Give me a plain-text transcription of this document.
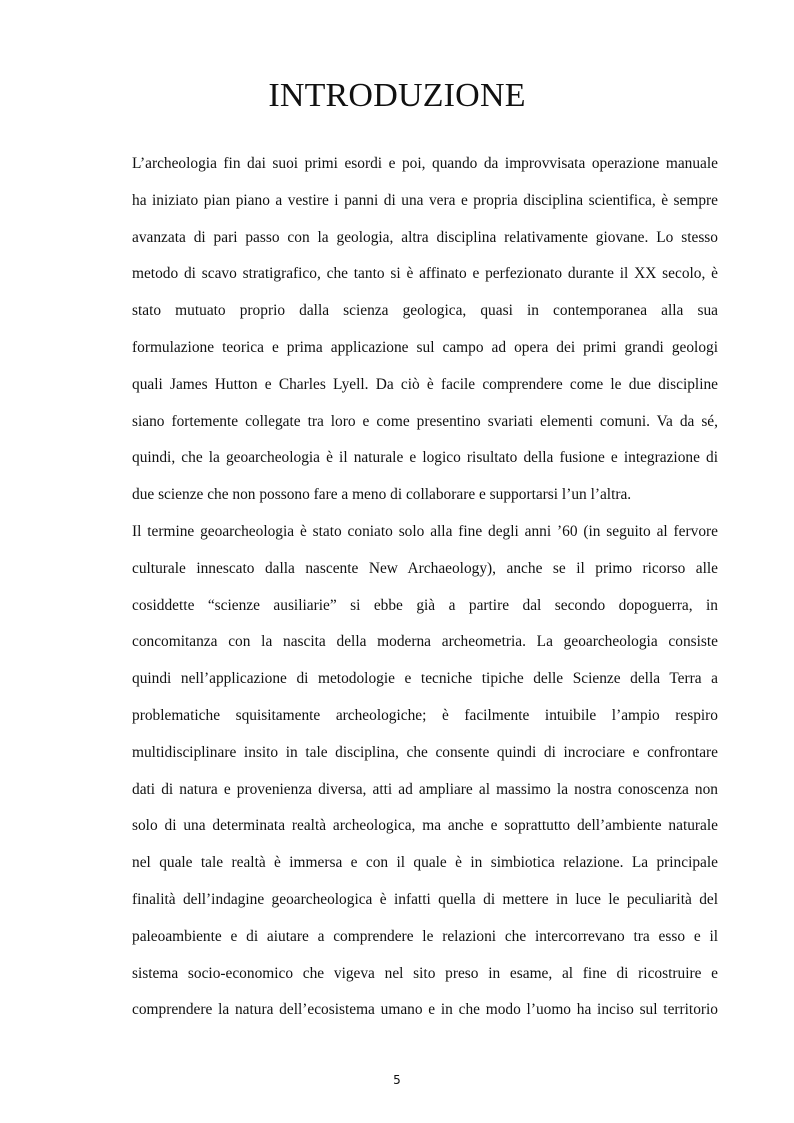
INTRODUZIONE
L’archeologia fin dai suoi primi esordi e poi, quando da improvvisata operazione manuale
ha iniziato pian piano a vestire i panni di una vera e propria disciplina scientifica, è sempre
avanzata di pari passo con la geologia, altra disciplina relativamente giovane. Lo stesso
metodo di scavo stratigrafico, che tanto si è affinato e perfezionato durante il XX secolo, è
stato mutuato proprio dalla scienza geologica, quasi in contemporanea alla sua
formulazione teorica e prima applicazione sul campo ad opera dei primi grandi geologi
quali James Hutton e Charles Lyell. Da ciò è facile comprendere come le due discipline
siano fortemente collegate tra loro e come presentino svariati elementi comuni. Va da sé,
quindi, che la geoarcheologia è il naturale e logico risultato della fusione e integrazione di
due scienze che non possono fare a meno di collaborare e supportarsi l’un l’altra.
Il termine geoarcheologia è stato coniato solo alla fine degli anni ’60 (in seguito al fervore
culturale innescato dalla nascente New Archaeology), anche se il primo ricorso alle
cosiddette “scienze ausiliarie” si ebbe già a partire dal secondo dopoguerra, in
concomitanza con la nascita della moderna archeometria. La geoarcheologia consiste
quindi nell’applicazione di metodologie e tecniche tipiche delle Scienze della Terra a
problematiche squisitamente archeologiche; è facilmente intuibile l’ampio respiro
multidisciplinare insito in tale disciplina, che consente quindi di incrociare e confrontare
dati di natura e provenienza diversa, atti ad ampliare al massimo la nostra conoscenza non
solo di una determinata realtà archeologica, ma anche e soprattutto dell’ambiente naturale
nel quale tale realtà è immersa e con il quale è in simbiotica relazione. La principale
finalità dell’indagine geoarcheologica è infatti quella di mettere in luce le peculiarità del
paleoambiente e di aiutare a comprendere le relazioni che intercorrevano tra esso e il
sistema socio-economico che vigeva nel sito preso in esame, al fine di ricostruire e
comprendere la natura dell’ecosistema umano e in che modo l’uomo ha inciso sul territorio
5
